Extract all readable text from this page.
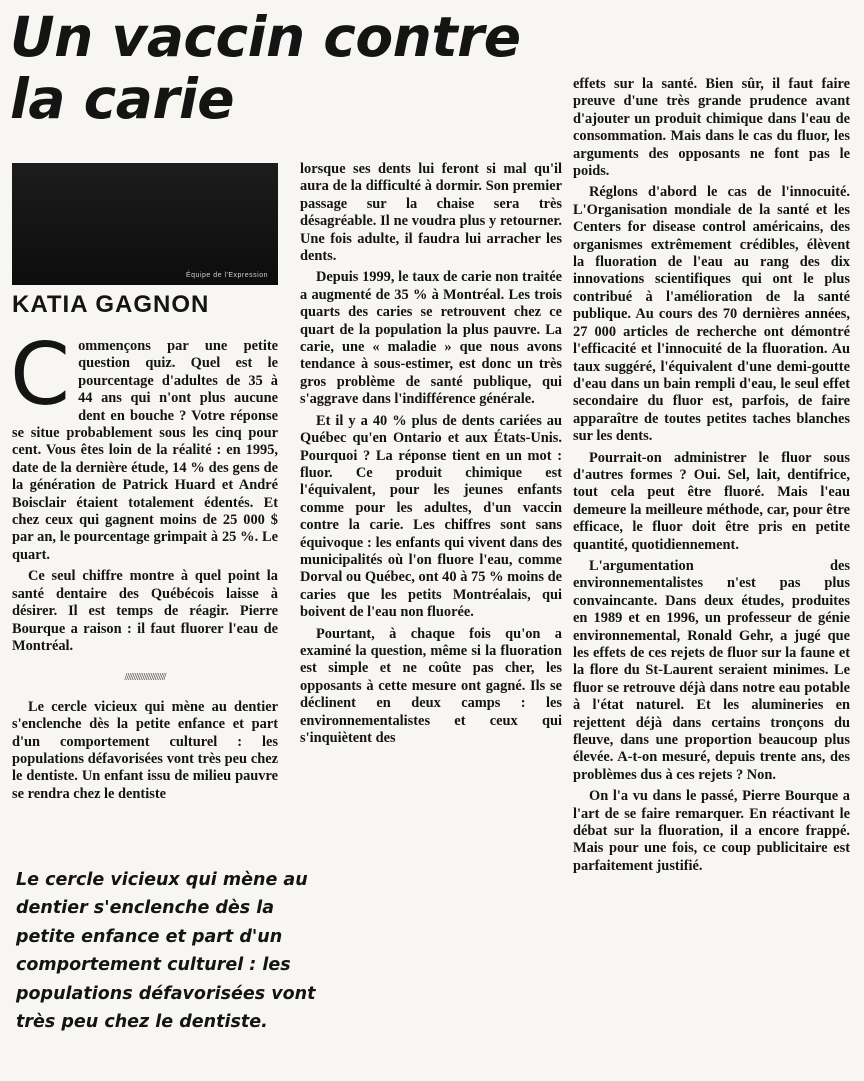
Un vaccin contre la carie
Équipe de l'Expression
KATIA GAGNON

Commençons par une petite question quiz. Quel est le pourcentage d'adultes de 35 à 44 ans qui n'ont plus aucune dent en bouche ? Votre réponse se situe probablement sous les cinq pour cent. Vous êtes loin de la réalité : en 1995, date de la dernière étude, 14 % des gens de la génération de Patrick Huard et André Boisclair étaient totalement édentés. Et chez ceux qui gagnent moins de 25 000 $ par an, le pourcentage grimpait à 25 %. Le quart.

Ce seul chiffre montre à quel point la santé dentaire des Québécois laisse à désirer. Il est temps de réagir. Pierre Bourque a raison : il faut fluorer l'eau de Montréal.

///////////////////////

Le cercle vicieux qui mène au dentier s'enclenche dès la petite enfance et part d'un comportement culturel : les populations défavorisées vont très peu chez le dentiste. Un enfant issu de milieu pauvre se rendra chez le dentiste

lorsque ses dents lui feront si mal qu'il aura de la difficulté à dormir. Son premier passage sur la chaise sera très désagréable. Il ne voudra plus y retourner. Une fois adulte, il faudra lui arracher les dents.

Depuis 1999, le taux de carie non traitée a augmenté de 35 % à Montréal. Les trois quarts des caries se retrouvent chez ce quart de la population la plus pauvre. La carie, une « maladie » que nous avons tendance à sous-estimer, est donc un très gros problème de santé publique, qui s'aggrave dans l'indifférence générale.

Et il y a 40 % plus de dents cariées au Québec qu'en Ontario et aux États-Unis. Pourquoi ? La réponse tient en un mot : fluor. Ce produit chimique est l'équivalent, pour les jeunes enfants comme pour les adultes, d'un vaccin contre la carie. Les chiffres sont sans équivoque : les enfants qui vivent dans des municipalités où l'on fluore l'eau, comme Dorval ou Québec, ont 40 à 75 % moins de caries que les petits Montréalais, qui boivent de l'eau non fluorée.

Pourtant, à chaque fois qu'on a examiné la question, même si la fluoration est simple et ne coûte pas cher, les opposants à cette mesure ont gagné. Ils se déclinent en deux camps : les environnementalistes et ceux qui s'inquiètent des

effets sur la santé. Bien sûr, il faut faire preuve d'une très grande prudence avant d'ajouter un produit chimique dans l'eau de consommation. Mais dans le cas du fluor, les arguments des opposants ne font pas le poids.

Réglons d'abord le cas de l'innocuité. L'Organisation mondiale de la santé et les Centers for disease control américains, des organismes extrêmement crédibles, élèvent la fluoration de l'eau au rang des dix innovations scientifiques qui ont le plus contribué à l'amélioration de la santé publique. Au cours des 70 dernières années, 27 000 articles de recherche ont démontré l'efficacité et l'innocuité de la fluoration. Au taux suggéré, l'équivalent d'une demi-goutte d'eau dans un bain rempli d'eau, le seul effet secondaire du fluor est, parfois, de faire apparaître de toutes petites taches blanches sur les dents.

Pourrait-on administrer le fluor sous d'autres formes ? Oui. Sel, lait, dentifrice, tout cela peut être fluoré. Mais l'eau demeure la meilleure méthode, car, pour être efficace, le fluor doit être pris en petite quantité, quotidiennement.

L'argumentation des environnementalistes n'est pas plus convaincante. Dans deux études, produites en 1989 et en 1996, un professeur de génie environnemental, Ronald Gehr, a jugé que les effets de ces rejets de fluor sur la faune et la flore du St-Laurent seraient minimes. Le fluor se retrouve déjà dans notre eau potable à l'état naturel. Et les alumineries en rejettent déjà dans certains tronçons du fleuve, dans une proportion beaucoup plus élevée. A-t-on mesuré, depuis trente ans, des problèmes dus à ces rejets ? Non.

On l'a vu dans le passé, Pierre Bourque a l'art de se faire remarquer. En réactivant le débat sur la fluoration, il a encore frappé. Mais pour une fois, ce coup publicitaire est parfaitement justifié.

Le cercle vicieux qui mène au dentier s'enclenche dès la petite enfance et part d'un comportement culturel : les populations défavorisées vont très peu chez le dentiste.
